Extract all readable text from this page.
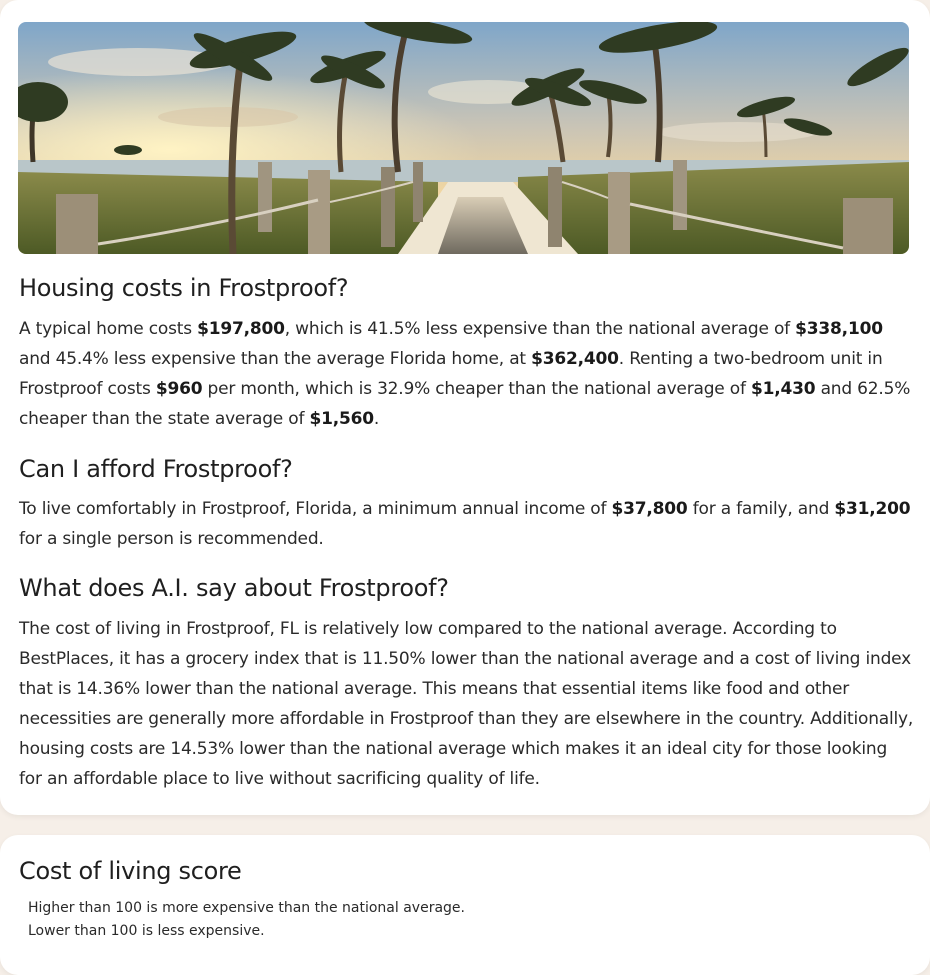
Housing costs in Frostproof?

A typical home costs $197,800, which is 41.5% less expensive than the national average of $338,100 and 45.4% less expensive than the average Florida home, at $362,400. Renting a two-bedroom unit in Frostproof costs $960 per month, which is 32.9% cheaper than the national average of $1,430 and 62.5% cheaper than the state average of $1,560.

Can I afford Frostproof?

To live comfortably in Frostproof, Florida, a minimum annual income of $37,800 for a family, and $31,200 for a single person is recommended.

What does A.I. say about Frostproof?

The cost of living in Frostproof, FL is relatively low compared to the national average. According to BestPlaces, it has a grocery index that is 11.50% lower than the national average and a cost of living index that is 14.36% lower than the national average. This means that essential items like food and other necessities are generally more affordable in Frostproof than they are elsewhere in the country. Additionally, housing costs are 14.53% lower than the national average which makes it an ideal city for those looking for an affordable place to live without sacrificing quality of life.

Cost of living score

Higher than 100 is more expensive than the national average.

Lower than 100 is less expensive.
